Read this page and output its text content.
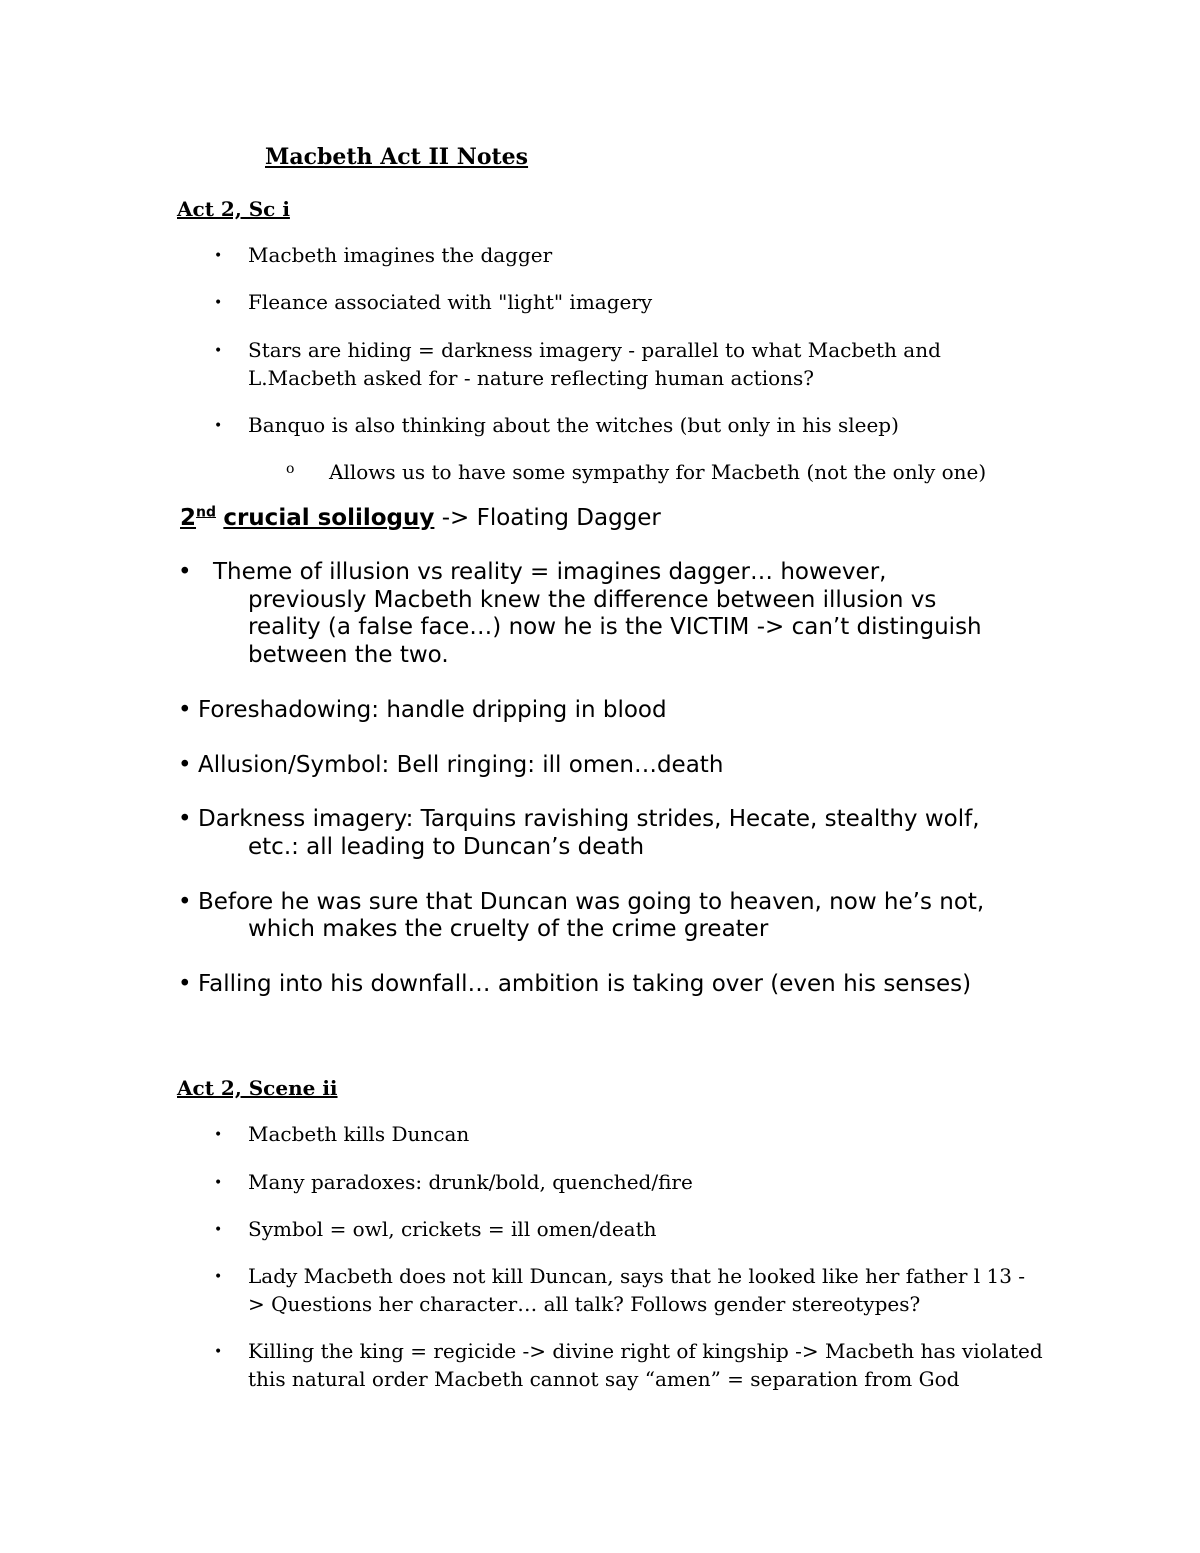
Macbeth Act II Notes
Act 2, Sc i
• Macbeth imagines the dagger
• Fleance associated with "light" imagery
• Stars are hiding = darkness imagery - parallel to what Macbeth and
L.Macbeth asked for - nature reflecting human actions?
• Banquo is also thinking about the witches (but only in his sleep)
o Allows us to have some sympathy for Macbeth (not the only one)
2nd crucial soliloguy -> Floating Dagger
• Theme of illusion vs reality = imagines dagger… however,
previously Macbeth knew the difference between illusion vs
reality (a false face…) now he is the VICTIM -> can’t distinguish
between the two.
• Foreshadowing: handle dripping in blood
• Allusion/Symbol: Bell ringing: ill omen…death
• Darkness imagery: Tarquins ravishing strides, Hecate, stealthy wolf,
etc.: all leading to Duncan’s death
• Before he was sure that Duncan was going to heaven, now he’s not,
which makes the cruelty of the crime greater
• Falling into his downfall… ambition is taking over (even his senses)
Act 2, Scene ii
• Macbeth kills Duncan
• Many paradoxes: drunk/bold, quenched/fire
• Symbol = owl, crickets = ill omen/death
• Lady Macbeth does not kill Duncan, says that he looked like her father l 13 -
> Questions her character… all talk? Follows gender stereotypes?
• Killing the king = regicide -> divine right of kingship -> Macbeth has violated
this natural order Macbeth cannot say “amen” = separation from God
